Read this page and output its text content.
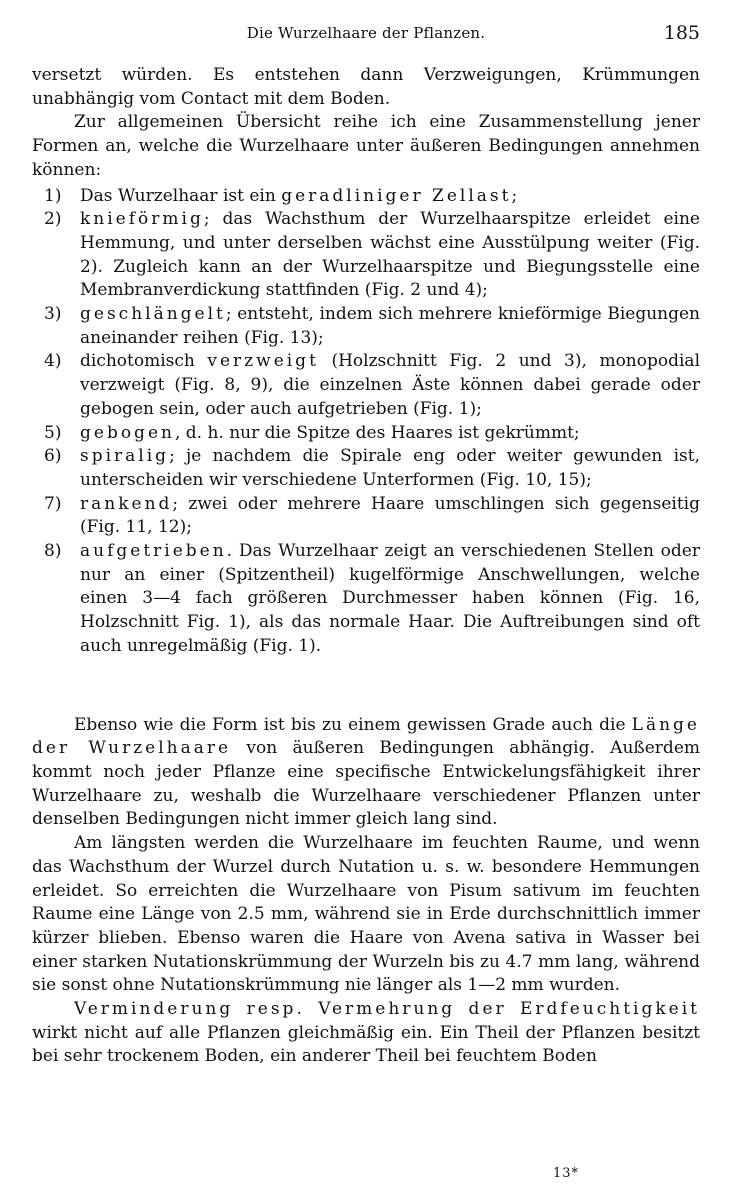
Die Wurzelhaare der Pflanzen.	185

versetzt würden. Es entstehen dann Verzweigungen, Krümmungen unabhängig vom Contact mit dem Boden.

Zur allgemeinen Übersicht reihe ich eine Zusammenstellung jener Formen an, welche die Wurzelhaare unter äußeren Bedingungen annehmen können:

1) Das Wurzelhaar ist ein geradliniger Zellast;

2) knieförmig; das Wachsthum der Wurzelhaarspitze erleidet eine Hemmung, und unter derselben wächst eine Ausstülpung weiter (Fig. 2). Zugleich kann an der Wurzelhaarspitze und Biegungsstelle eine Membranverdickung stattfinden (Fig. 2 und 4);

3) geschlängelt; entsteht, indem sich mehrere knieförmige Biegungen aneinander reihen (Fig. 13);

4) dichotomisch verzweigt (Holzschnitt Fig. 2 und 3), monopodial verzweigt (Fig. 8, 9), die einzelnen Äste können dabei gerade oder gebogen sein, oder auch aufgetrieben (Fig. 1);

5) gebogen, d. h. nur die Spitze des Haares ist gekrümmt;

6) spiralig; je nachdem die Spirale eng oder weiter gewunden ist, unterscheiden wir verschiedene Unterformen (Fig. 10, 15);

7) rankend; zwei oder mehrere Haare umschlingen sich gegenseitig (Fig. 11, 12);

8) aufgetrieben. Das Wurzelhaar zeigt an verschiedenen Stellen oder nur an einer (Spitzentheil) kugelförmige Anschwellungen, welche einen 3—4 fach größeren Durchmesser haben können (Fig. 16, Holzschnitt Fig. 1), als das normale Haar. Die Auftreibungen sind oft auch unregelmäßig (Fig. 1).

Ebenso wie die Form ist bis zu einem gewissen Grade auch die Länge der Wurzelhaare von äußeren Bedingungen abhängig. Außerdem kommt noch jeder Pflanze eine specifische Entwickelungsfähigkeit ihrer Wurzelhaare zu, weshalb die Wurzelhaare verschiedener Pflanzen unter denselben Bedingungen nicht immer gleich lang sind.

Am längsten werden die Wurzelhaare im feuchten Raume, und wenn das Wachsthum der Wurzel durch Nutation u. s. w. besondere Hemmungen erleidet. So erreichten die Wurzelhaare von Pisum sativum im feuchten Raume eine Länge von 2.5 mm, während sie in Erde durchschnittlich immer kürzer blieben. Ebenso waren die Haare von Avena sativa in Wasser bei einer starken Nutationskrümmung der Wurzeln bis zu 4.7 mm lang, während sie sonst ohne Nutationskrümmung nie länger als 1—2 mm wurden.

Verminderung resp. Vermehrung der Erdfeuchtigkeit wirkt nicht auf alle Pflanzen gleichmäßig ein. Ein Theil der Pflanzen besitzt bei sehr trockenem Boden, ein anderer Theil bei feuchtem Boden

13*
